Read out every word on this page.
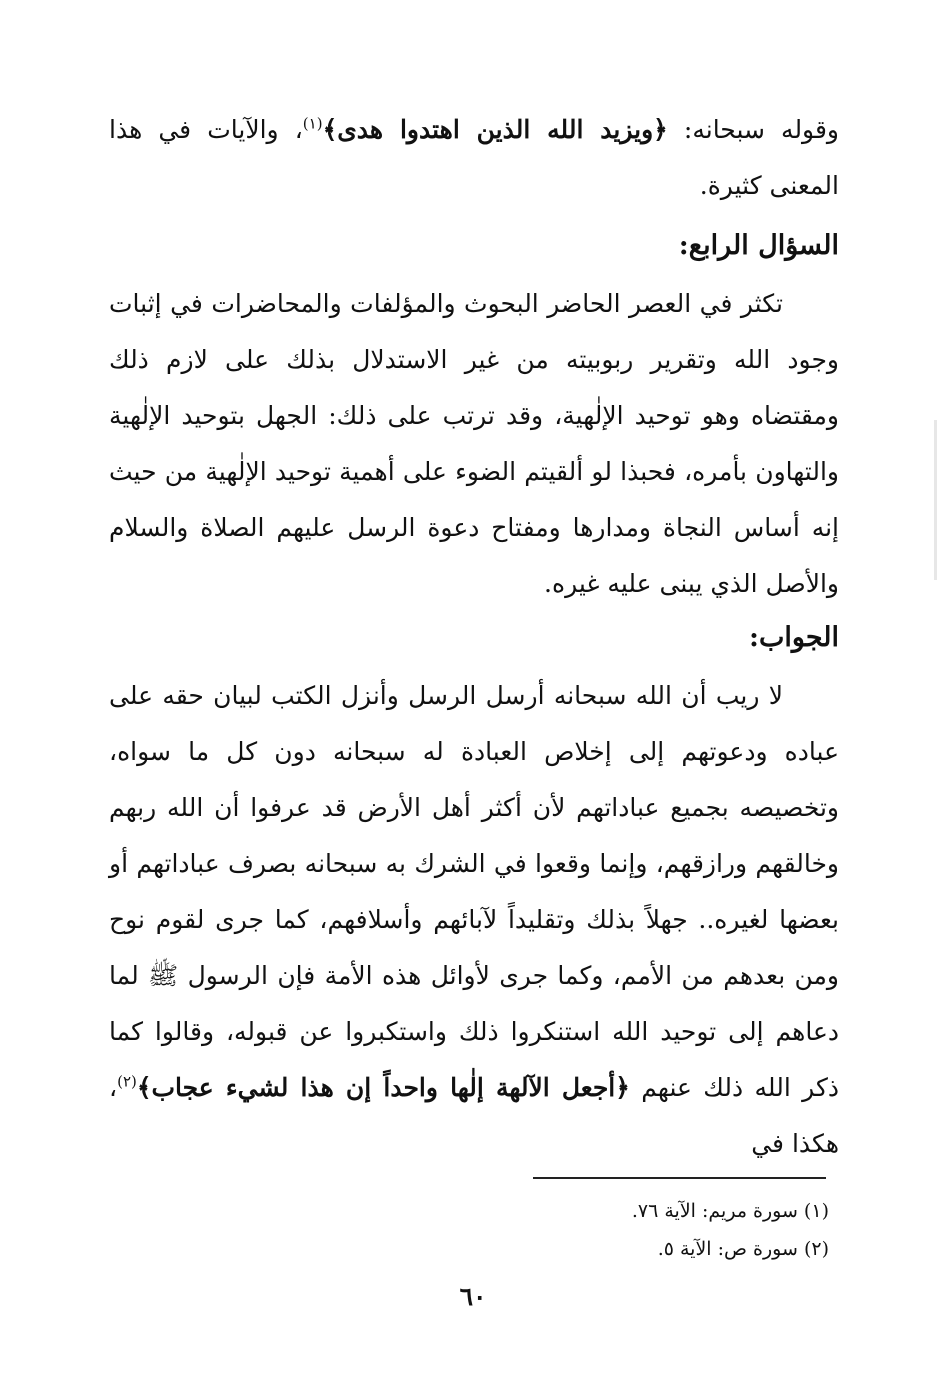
وقوله سبحانه: ﴿ويزيد الله الذين اهتدوا هدى﴾$^{(١)}$، والآيات في هذا المعنى كثيرة.
السؤال الرابع:
تكثر في العصر الحاضر البحوث والمؤلفات والمحاضرات في إثبات وجود الله وتقرير ربوبيته من غير الاستدلال بذلك على لازم ذلك ومقتضاه وهو توحيد الإلٰهية، وقد ترتب على ذلك: الجهل بتوحيد الإلٰهية والتهاون بأمره، فحبذا لو ألقيتم الضوء على أهمية توحيد الإلٰهية من حيث إنه أساس النجاة ومدارها ومفتاح دعوة الرسل عليهم الصلاة والسلام والأصل الذي يبنى عليه غيره.
الجواب:
لا ريب أن الله سبحانه أرسل الرسل وأنزل الكتب لبيان حقه على عباده ودعوتهم إلى إخلاص العبادة له سبحانه دون كل ما سواه، وتخصيصه بجميع عباداتهم لأن أكثر أهل الأرض قد عرفوا أن الله ربهم وخالقهم ورازقهم، وإنما وقعوا في الشرك به سبحانه بصرف عباداتهم أو بعضها لغيره.. جهلاً بذلك وتقليداً لآبائهم وأسلافهم، كما جرى لقوم نوح ومن بعدهم من الأمم، وكما جرى لأوائل هذه الأمة فإن الرسول ﷺ لما دعاهم إلى توحيد الله استنكروا ذلك واستكبروا عن قبوله، وقالوا كما ذكر الله ذلك عنهم ﴿أجعل الآلهة إلٰها واحداً إن هذا لشيء عجاب﴾$^{(٢)}$، هكذا في
(١) سورة مريم: الآية ٧٦.
(٢) سورة ص: الآية ٥.
٦٠
